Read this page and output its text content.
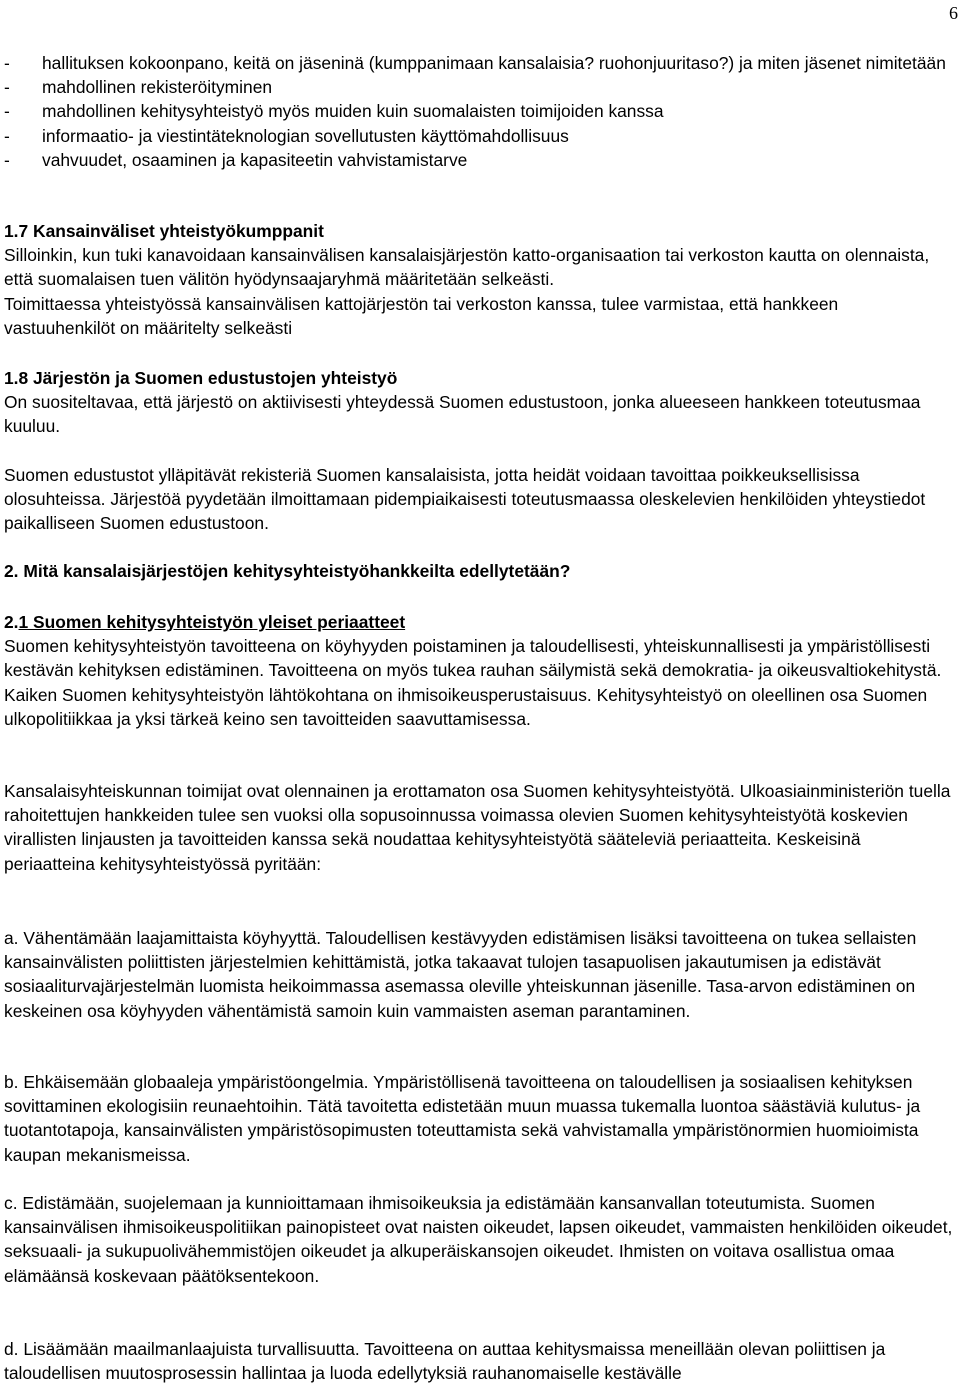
6
-	hallituksen kokoonpano, keitä on jäseninä (kumppanimaan kansalaisia? ruohonjuuritaso?) ja miten jäsenet nimitetään
-	mahdollinen rekisteröityminen
-	mahdollinen kehitysyhteistyö myös muiden kuin suomalaisten toimijoiden kanssa
-	informaatio- ja viestintäteknologian sovellutusten käyttömahdollisuus
-	vahvuudet, osaaminen ja kapasiteetin vahvistamistarve
1.7 Kansainväliset yhteistyökumppanit

Silloinkin, kun tuki kanavoidaan kansainvälisen kansalaisjärjestön katto-organisaation tai verkoston kautta on olennaista, että suomalaisen tuen välitön hyödynsaajaryhmä määritetään selkeästi.

Toimittaessa yhteistyössä kansainvälisen kattojärjestön tai verkoston kanssa, tulee varmistaa, että hankkeen vastuuhenkilöt on määritelty selkeästi

1.8 Järjestön ja Suomen edustustojen yhteistyö

On suositeltavaa, että järjestö on aktiivisesti yhteydessä Suomen edustustoon, jonka alueeseen hankkeen toteutusmaa kuuluu.

Suomen edustustot ylläpitävät rekisteriä Suomen kansalaisista, jotta heidät voidaan tavoittaa poikkeuksellisissa olosuhteissa. Järjestöä pyydetään ilmoittamaan pidempiaikaisesti toteutusmaassa oleskelevien henkilöiden yhteystiedot paikalliseen Suomen edustustoon.

2. Mitä kansalaisjärjestöjen kehitysyhteistyöhankkeilta edellytetään?
2.1 Suomen kehitysyhteistyön yleiset periaatteet

Suomen kehitysyhteistyön tavoitteena on köyhyyden poistaminen ja taloudellisesti, yhteiskunnallisesti ja ympäristöllisesti kestävän kehityksen edistäminen. Tavoitteena on myös tukea rauhan säilymistä sekä demokratia- ja oikeusvaltiokehitystä. Kaiken Suomen kehitysyhteistyön lähtökohtana on ihmisoikeusperustaisuus. Kehitysyhteistyö on oleellinen osa Suomen ulkopolitiikkaa ja yksi tärkeä keino sen tavoitteiden saavuttamisessa.

Kansalaisyhteiskunnan toimijat ovat olennainen ja erottamaton osa Suomen kehitysyhteistyötä. Ulkoasiainministeriön tuella rahoitettujen hankkeiden tulee sen vuoksi olla sopusoinnussa voimassa olevien Suomen kehitysyhteistyötä koskevien virallisten linjausten ja tavoitteiden kanssa sekä noudattaa kehitysyhteistyötä sääteleviä periaatteita. Keskeisinä periaatteina kehitysyhteistyössä pyritään:

a. Vähentämään laajamittaista köyhyyttä. Taloudellisen kestävyyden edistämisen lisäksi tavoitteena on tukea sellaisten kansainvälisten poliittisten järjestelmien kehittämistä, jotka takaavat tulojen tasapuolisen jakautumisen ja edistävät sosiaaliturvajärjestelmän luomista heikoimmassa asemassa oleville yhteiskunnan jäsenille. Tasa-arvon edistäminen on keskeinen osa köyhyyden vähentämistä samoin kuin vammaisten aseman parantaminen.

b. Ehkäisemään globaaleja ympäristöongelmia. Ympäristöllisenä tavoitteena on taloudellisen ja sosiaalisen kehityksen sovittaminen ekologisiin reunaehtoihin. Tätä tavoitetta edistetään muun muassa tukemalla luontoa säästäviä kulutus- ja tuotantotapoja, kansainvälisten ympäristösopimusten toteuttamista sekä vahvistamalla ympäristönormien huomioimista kaupan mekanismeissa.

c. Edistämään, suojelemaan ja kunnioittamaan ihmisoikeuksia ja edistämään kansanvallan toteutumista. Suomen kansainvälisen ihmisoikeuspolitiikan painopisteet ovat naisten oikeudet, lapsen oikeudet, vammaisten henkilöiden oikeudet, seksuaali- ja sukupuolivähemmistöjen oikeudet ja alkuperäiskansojen oikeudet. Ihmisten on voitava osallistua omaa elämäänsä koskevaan päätöksentekoon.

d. Lisäämään maailmanlaajuista turvallisuutta. Tavoitteena on auttaa kehitysmaissa meneillään olevan poliittisen ja taloudellisen muutosprosessin hallintaa ja luoda edellytyksiä rauhanomaiselle kestävälle
